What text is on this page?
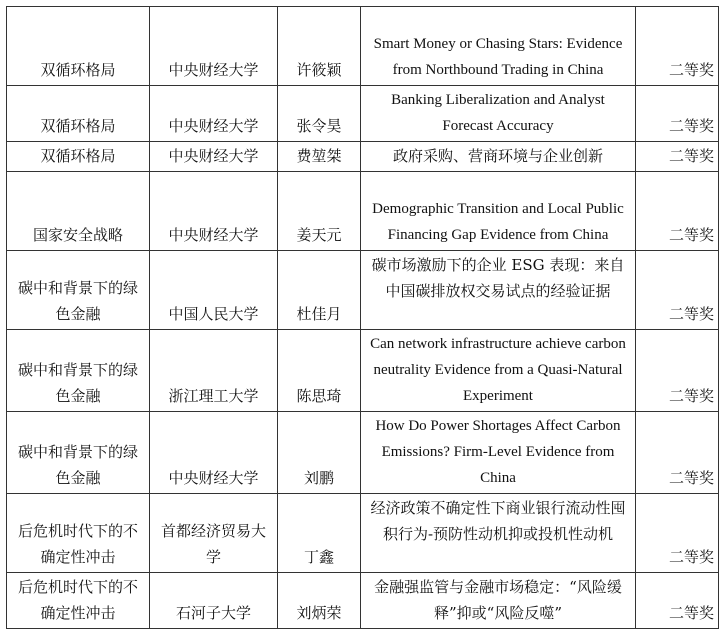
双循环格局	中央财经大学	许筱颖	Smart Money or Chasing Stars: Evidence from Northbound Trading in China	二等奖
双循环格局	中央财经大学	张令昊	Banking Liberalization and Analyst Forecast Accuracy	二等奖
双循环格局	中央财经大学	费堃桀	政府采购、营商环境与企业创新	二等奖
国家安全战略	中央财经大学	姜天元	Demographic Transition and Local Public Financing Gap Evidence from China	二等奖
碳中和背景下的绿色金融	中国人民大学	杜佳月	碳市场激励下的企业 ESG 表现：来自中国碳排放权交易试点的经验证据	二等奖
碳中和背景下的绿色金融	浙江理工大学	陈思琦	Can network infrastructure achieve carbon neutrality Evidence from a Quasi-Natural Experiment	二等奖
碳中和背景下的绿色金融	中央财经大学	刘鹏	How Do Power Shortages Affect Carbon Emissions? Firm-Level Evidence from China	二等奖
后危机时代下的不确定性冲击	首都经济贸易大学	丁鑫	经济政策不确定性下商业银行流动性囤积行为-预防性动机抑或投机性动机	二等奖
后危机时代下的不确定性冲击	石河子大学	刘炳荣	金融强监管与金融市场稳定：“风险缓释”抑或“风险反噬”	二等奖
